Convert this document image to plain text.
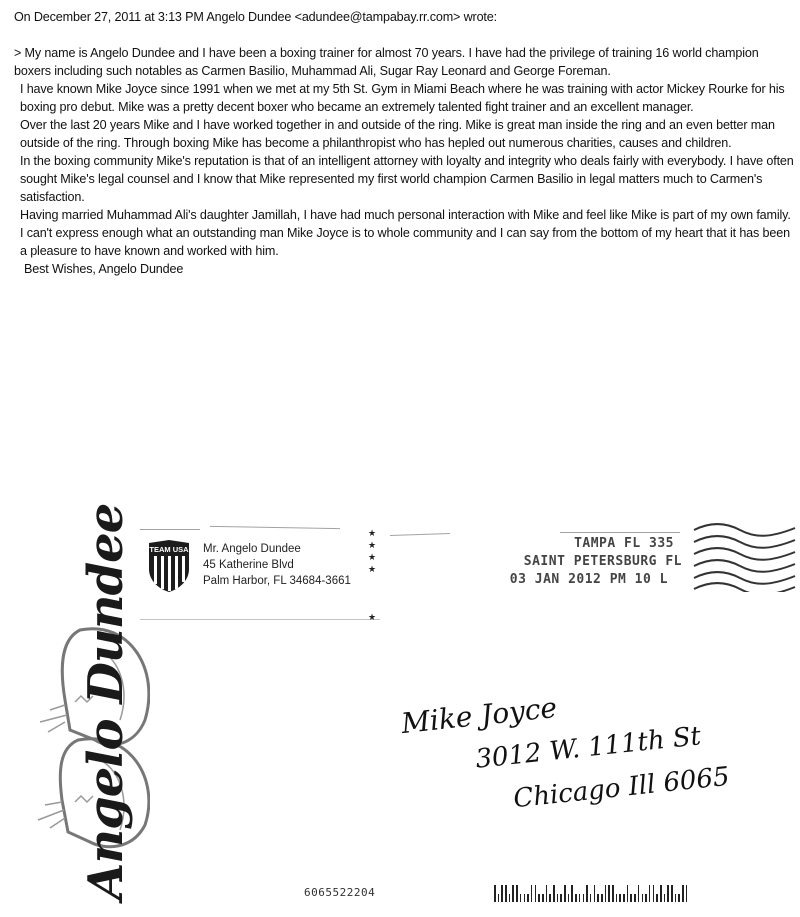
On December 27, 2011 at 3:13 PM Angelo Dundee <adundee@tampabay.rr.com> wrote:

> My name is Angelo Dundee and I have been a boxing trainer for almost 70 years. I have had the privilege of training 16 world champion boxers including such notables as Carmen Basilio, Muhammad Ali, Sugar Ray Leonard and George Foreman.

I have known Mike Joyce since 1991 when we met at my 5th St. Gym in Miami Beach where he was training with actor Mickey Rourke for his boxing pro debut. Mike was a pretty decent boxer who became an extremely talented fight trainer and an excellent manager.

Over the last 20 years Mike and I have worked together in and outside of the ring. Mike is great man inside the ring and an even better man outside of the ring. Through boxing Mike has become a philanthropist who has hepled out numerous charities, causes and children.

In the boxing community Mike's reputation is that of an intelligent attorney with loyalty and integrity who deals fairly with everybody. I have often sought Mike's legal counsel and I know that Mike represented my first world champion Carmen Basilio in legal matters much to Carmen's satisfaction.

Having married Muhammad Ali's daughter Jamillah, I have had much personal interaction with Mike and feel like Mike is part of my own family. I can't express enough what an outstanding man Mike Joyce is to whole community and I can say from the bottom of my heart that it has been a pleasure to have known and worked with him.

Best Wishes, Angelo Dundee

Angelo Dundee TEAM USA Mr. Angelo Dundee
45 Katherine Blvd
Palm Harbor, FL 34684-3661
★
★
★
★
★
TAMPA FL 335
SAINT PETERSBURG FL
03 JAN 2012 PM 10 L
Mike Joyce
3012 W. 111th St
Chicago Ill 6065
6065522204
